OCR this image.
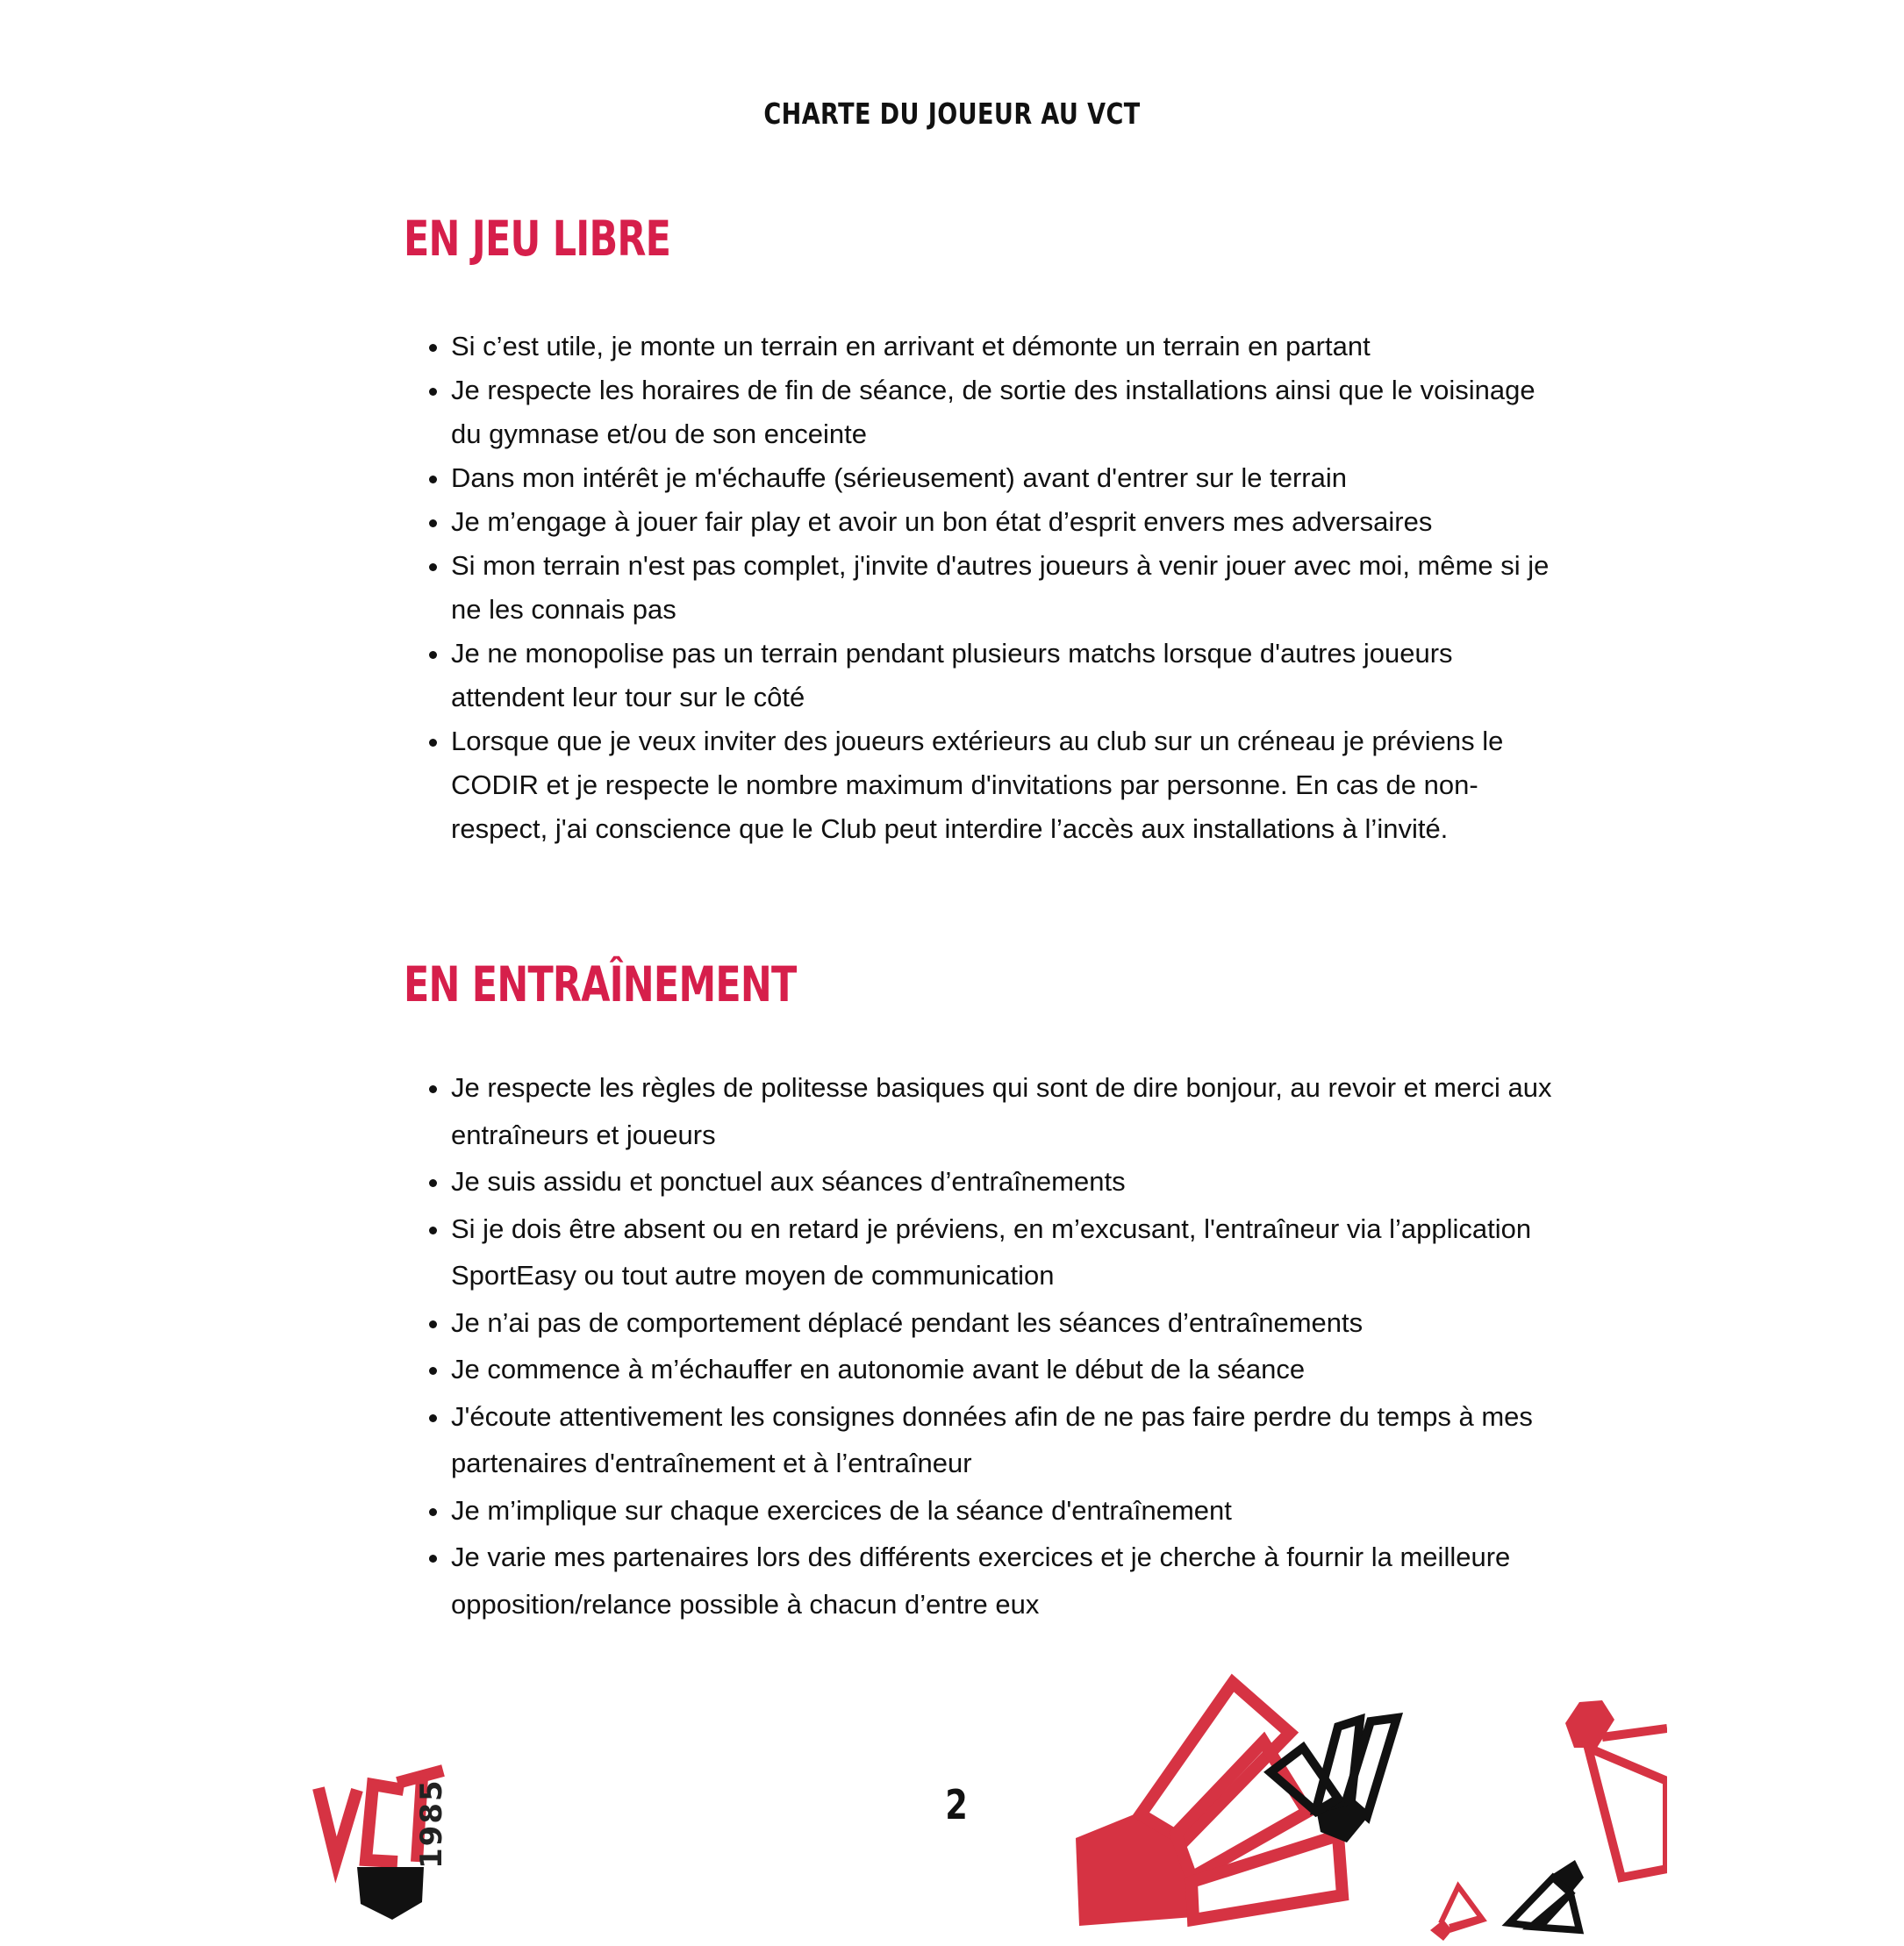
CHARTE DU JOUEUR AU VCT
EN JEU LIBRE
• Si c’est utile, je monte un terrain en arrivant et démonte un terrain en partant
• Je respecte les horaires de fin de séance, de sortie des installations ainsi que le voisinage du gymnase et/ou de son enceinte
• Dans mon intérêt je m'échauffe (sérieusement) avant d'entrer sur le terrain
• Je m’engage à jouer fair play et avoir un bon état d’esprit envers mes adversaires
• Si mon terrain n'est pas complet, j'invite d'autres joueurs à venir jouer avec moi, même si je ne les connais pas
• Je ne monopolise pas un terrain pendant plusieurs matchs lorsque d'autres joueurs attendent leur tour sur le côté
• Lorsque que je veux inviter des joueurs extérieurs au club sur un créneau je préviens le CODIR et je respecte le nombre maximum d'invitations par personne. En cas de non-respect, j'ai conscience que le Club peut interdire l’accès aux installations à l’invité.
EN ENTRAÎNEMENT
• Je respecte les règles de politesse basiques qui sont de dire bonjour, au revoir et merci aux entraîneurs et joueurs
• Je suis assidu et ponctuel aux séances d’entraînements
• Si je dois être absent ou en retard je préviens, en m’excusant, l'entraîneur via l’application SportEasy ou tout autre moyen de communication
• Je n’ai pas de comportement déplacé pendant les séances d’entraînements
• Je commence à m’échauffer en autonomie avant le début de la séance
• J'écoute attentivement les consignes données afin de ne pas faire perdre du temps à mes partenaires d'entraînement et à l’entraîneur
• Je m’implique sur chaque exercices de la séance d'entraînement
• Je varie mes partenaires lors des différents exercices et je cherche à fournir la meilleure opposition/relance possible à chacun d’entre eux
1985	2
